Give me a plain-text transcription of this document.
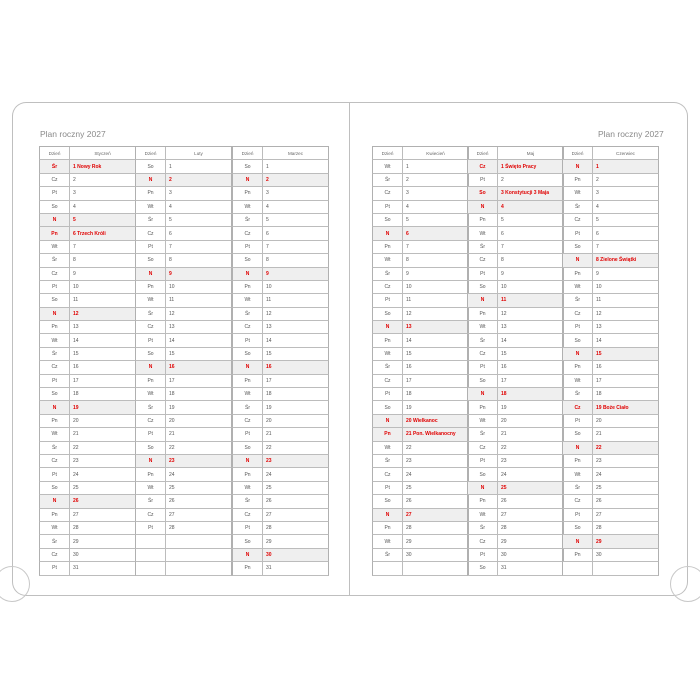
Plan roczny 2027	Plan roczny 2027
Dzień	Styczeń
Śr	1 Nowy Rok
Cz	2
Pt	3
So	4
N	5
Pn	6 Trzech Króli
Wt	7
Śr	8
Cz	9
Pt	10
So	11
N	12
Pn	13
Wt	14
Śr	15
Cz	16
Pt	17
So	18
N	19
Pn	20
Wt	21
Śr	22
Cz	23
Pt	24
So	25
N	26
Pn	27
Wt	28
Śr	29
Cz	30
Pt	31
Dzień	Luty
So	1
N	2
Pn	3
Wt	4
Śr	5
Cz	6
Pt	7
So	8
N	9
Pn	10
Wt	11
Śr	12
Cz	13
Pt	14
So	15
N	16
Pn	17
Wt	18
Śr	19
Cz	20
Pt	21
So	22
N	23
Pn	24
Wt	25
Śr	26
Cz	27
Pt	28
Dzień	Marzec
So	1
N	2
Pn	3
Wt	4
Śr	5
Cz	6
Pt	7
So	8
N	9
Pn	10
Wt	11
Śr	12
Cz	13
Pt	14
So	15
N	16
Pn	17
Wt	18
Śr	19
Cz	20
Pt	21
So	22
N	23
Pn	24
Wt	25
Śr	26
Cz	27
Pt	28
So	29
N	30
Pn	31
Dzień	Kwiecień
Wt	1
Śr	2
Cz	3
Pt	4
So	5
N	6
Pn	7
Wt	8
Śr	9
Cz	10
Pt	11
So	12
N	13
Pn	14
Wt	15
Śr	16
Cz	17
Pt	18
So	19
N	20 Wielkanoc
Pn	21 Pon. Wielkanocny
Wt	22
Śr	23
Cz	24
Pt	25
So	26
N	27
Pn	28
Wt	29
Śr	30
Dzień	Maj
Cz	1 Święto Pracy
Pt	2
So	3 Konstytucji 3 Maja
N	4
Pn	5
Wt	6
Śr	7
Cz	8
Pt	9
So	10
N	11
Pn	12
Wt	13
Śr	14
Cz	15
Pt	16
So	17
N	18
Pn	19
Wt	20
Śr	21
Cz	22
Pt	23
So	24
N	25
Pn	26
Wt	27
Śr	28
Cz	29
Pt	30
So	31
Dzień	Czerwiec
N	1
Pn	2
Wt	3
Śr	4
Cz	5
Pt	6
So	7
N	8 Zielone Świątki
Pn	9
Wt	10
Śr	11
Cz	12
Pt	13
So	14
N	15
Pn	16
Wt	17
Śr	18
Cz	19 Boże Ciało
Pt	20
So	21
N	22
Pn	23
Wt	24
Śr	25
Cz	26
Pt	27
So	28
N	29
Pn	30
